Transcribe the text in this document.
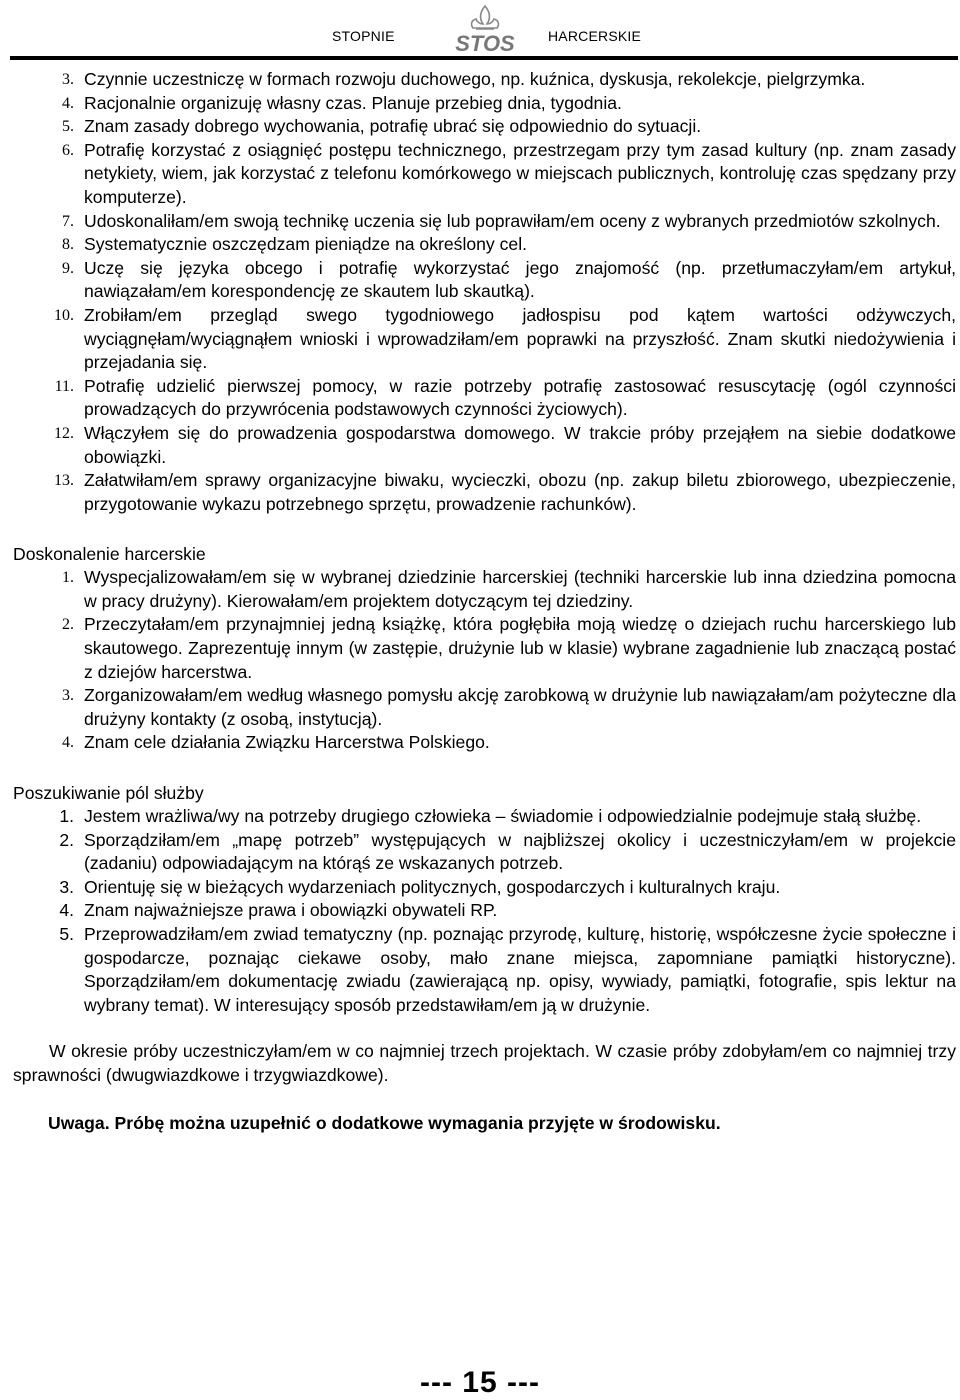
STOPNIE	STOS HARCERSKIE
3. Czynnie uczestniczę w formach rozwoju duchowego, np. kuźnica, dyskusja, rekolekcje, pielgrzymka.
4. Racjonalnie organizuję własny czas. Planuje przebieg dnia, tygodnia.
5. Znam zasady dobrego wychowania, potrafię ubrać się odpowiednio do sytuacji.
6. Potrafię korzystać z osiągnięć postępu technicznego, przestrzegam przy tym zasad kultury (np. znam zasady netykiety, wiem, jak korzystać z telefonu komórkowego w miejscach publicznych, kontroluję czas spędzany przy komputerze).
7. Udoskonaliłam/em swoją technikę uczenia się lub poprawiłam/em oceny z wybranych przedmiotów szkolnych.
8. Systematycznie oszczędzam pieniądze na określony cel.
9. Uczę się języka obcego i potrafię wykorzystać jego znajomość (np. przetłumaczyłam/em artykuł, nawiązałam/em korespondencję ze skautem lub skautką).
10. Zrobiłam/em przegląd swego tygodniowego jadłospisu pod kątem wartości odżywczych, wyciągnęłam/wyciągnąłem wnioski i wprowadziłam/em poprawki na przyszłość. Znam skutki niedożywienia i przejadania się.
11. Potrafię udzielić pierwszej pomocy, w razie potrzeby potrafię zastosować resuscytację (ogól czynności prowadzących do przywrócenia podstawowych czynności życiowych).
12. Włączyłem się do prowadzenia gospodarstwa domowego. W trakcie próby przejąłem na siebie dodatkowe obowiązki.
13. Załatwiłam/em sprawy organizacyjne biwaku, wycieczki, obozu (np. zakup biletu zbiorowego, ubezpieczenie, przygotowanie wykazu potrzebnego sprzętu, prowadzenie rachunków).
Doskonalenie harcerskie
1. Wyspecjalizowałam/em się w wybranej dziedzinie harcerskiej (techniki harcerskie lub inna dziedzina pomocna w pracy drużyny). Kierowałam/em projektem dotyczącym tej dziedziny.
2. Przeczytałam/em przynajmniej jedną książkę, która pogłębiła moją wiedzę o dziejach ruchu harcerskiego lub skautowego. Zaprezentuję innym (w zastępie, drużynie lub w klasie) wybrane zagadnienie lub znaczącą postać z dziejów harcerstwa.
3. Zorganizowałam/em według własnego pomysłu akcję zarobkową w drużynie lub nawiązałam/am pożyteczne dla drużyny kontakty (z osobą, instytucją).
4. Znam cele działania Związku Harcerstwa Polskiego.
Poszukiwanie pól służby
1. Jestem wrażliwa/wy na potrzeby drugiego człowieka – świadomie i odpowiedzialnie podejmuje stałą służbę.
2. Sporządziłam/em „mapę potrzeb” występujących w najbliższej okolicy i uczestniczyłam/em w projekcie (zadaniu) odpowiadającym na którąś ze wskazanych potrzeb.
3. Orientuję się w bieżących wydarzeniach politycznych, gospodarczych i kulturalnych kraju.
4. Znam najważniejsze prawa i obowiązki obywateli RP.
5. Przeprowadziłam/em zwiad tematyczny (np. poznając przyrodę, kulturę, historię, współczesne życie społeczne i gospodarcze, poznając ciekawe osoby, mało znane miejsca, zapomniane pamiątki historyczne). Sporządziłam/em dokumentację zwiadu (zawierającą np. opisy, wywiady, pamiątki, fotografie, spis lektur na wybrany temat). W interesujący sposób przedstawiłam/em ją w drużynie.
W okresie próby uczestniczyłam/em w co najmniej trzech projektach. W czasie próby zdobyłam/em co najmniej trzy sprawności (dwugwiazdkowe i trzygwiazdkowe).
Uwaga. Próbę można uzupełnić o dodatkowe wymagania przyjęte w środowisku.
--- 15 ---
